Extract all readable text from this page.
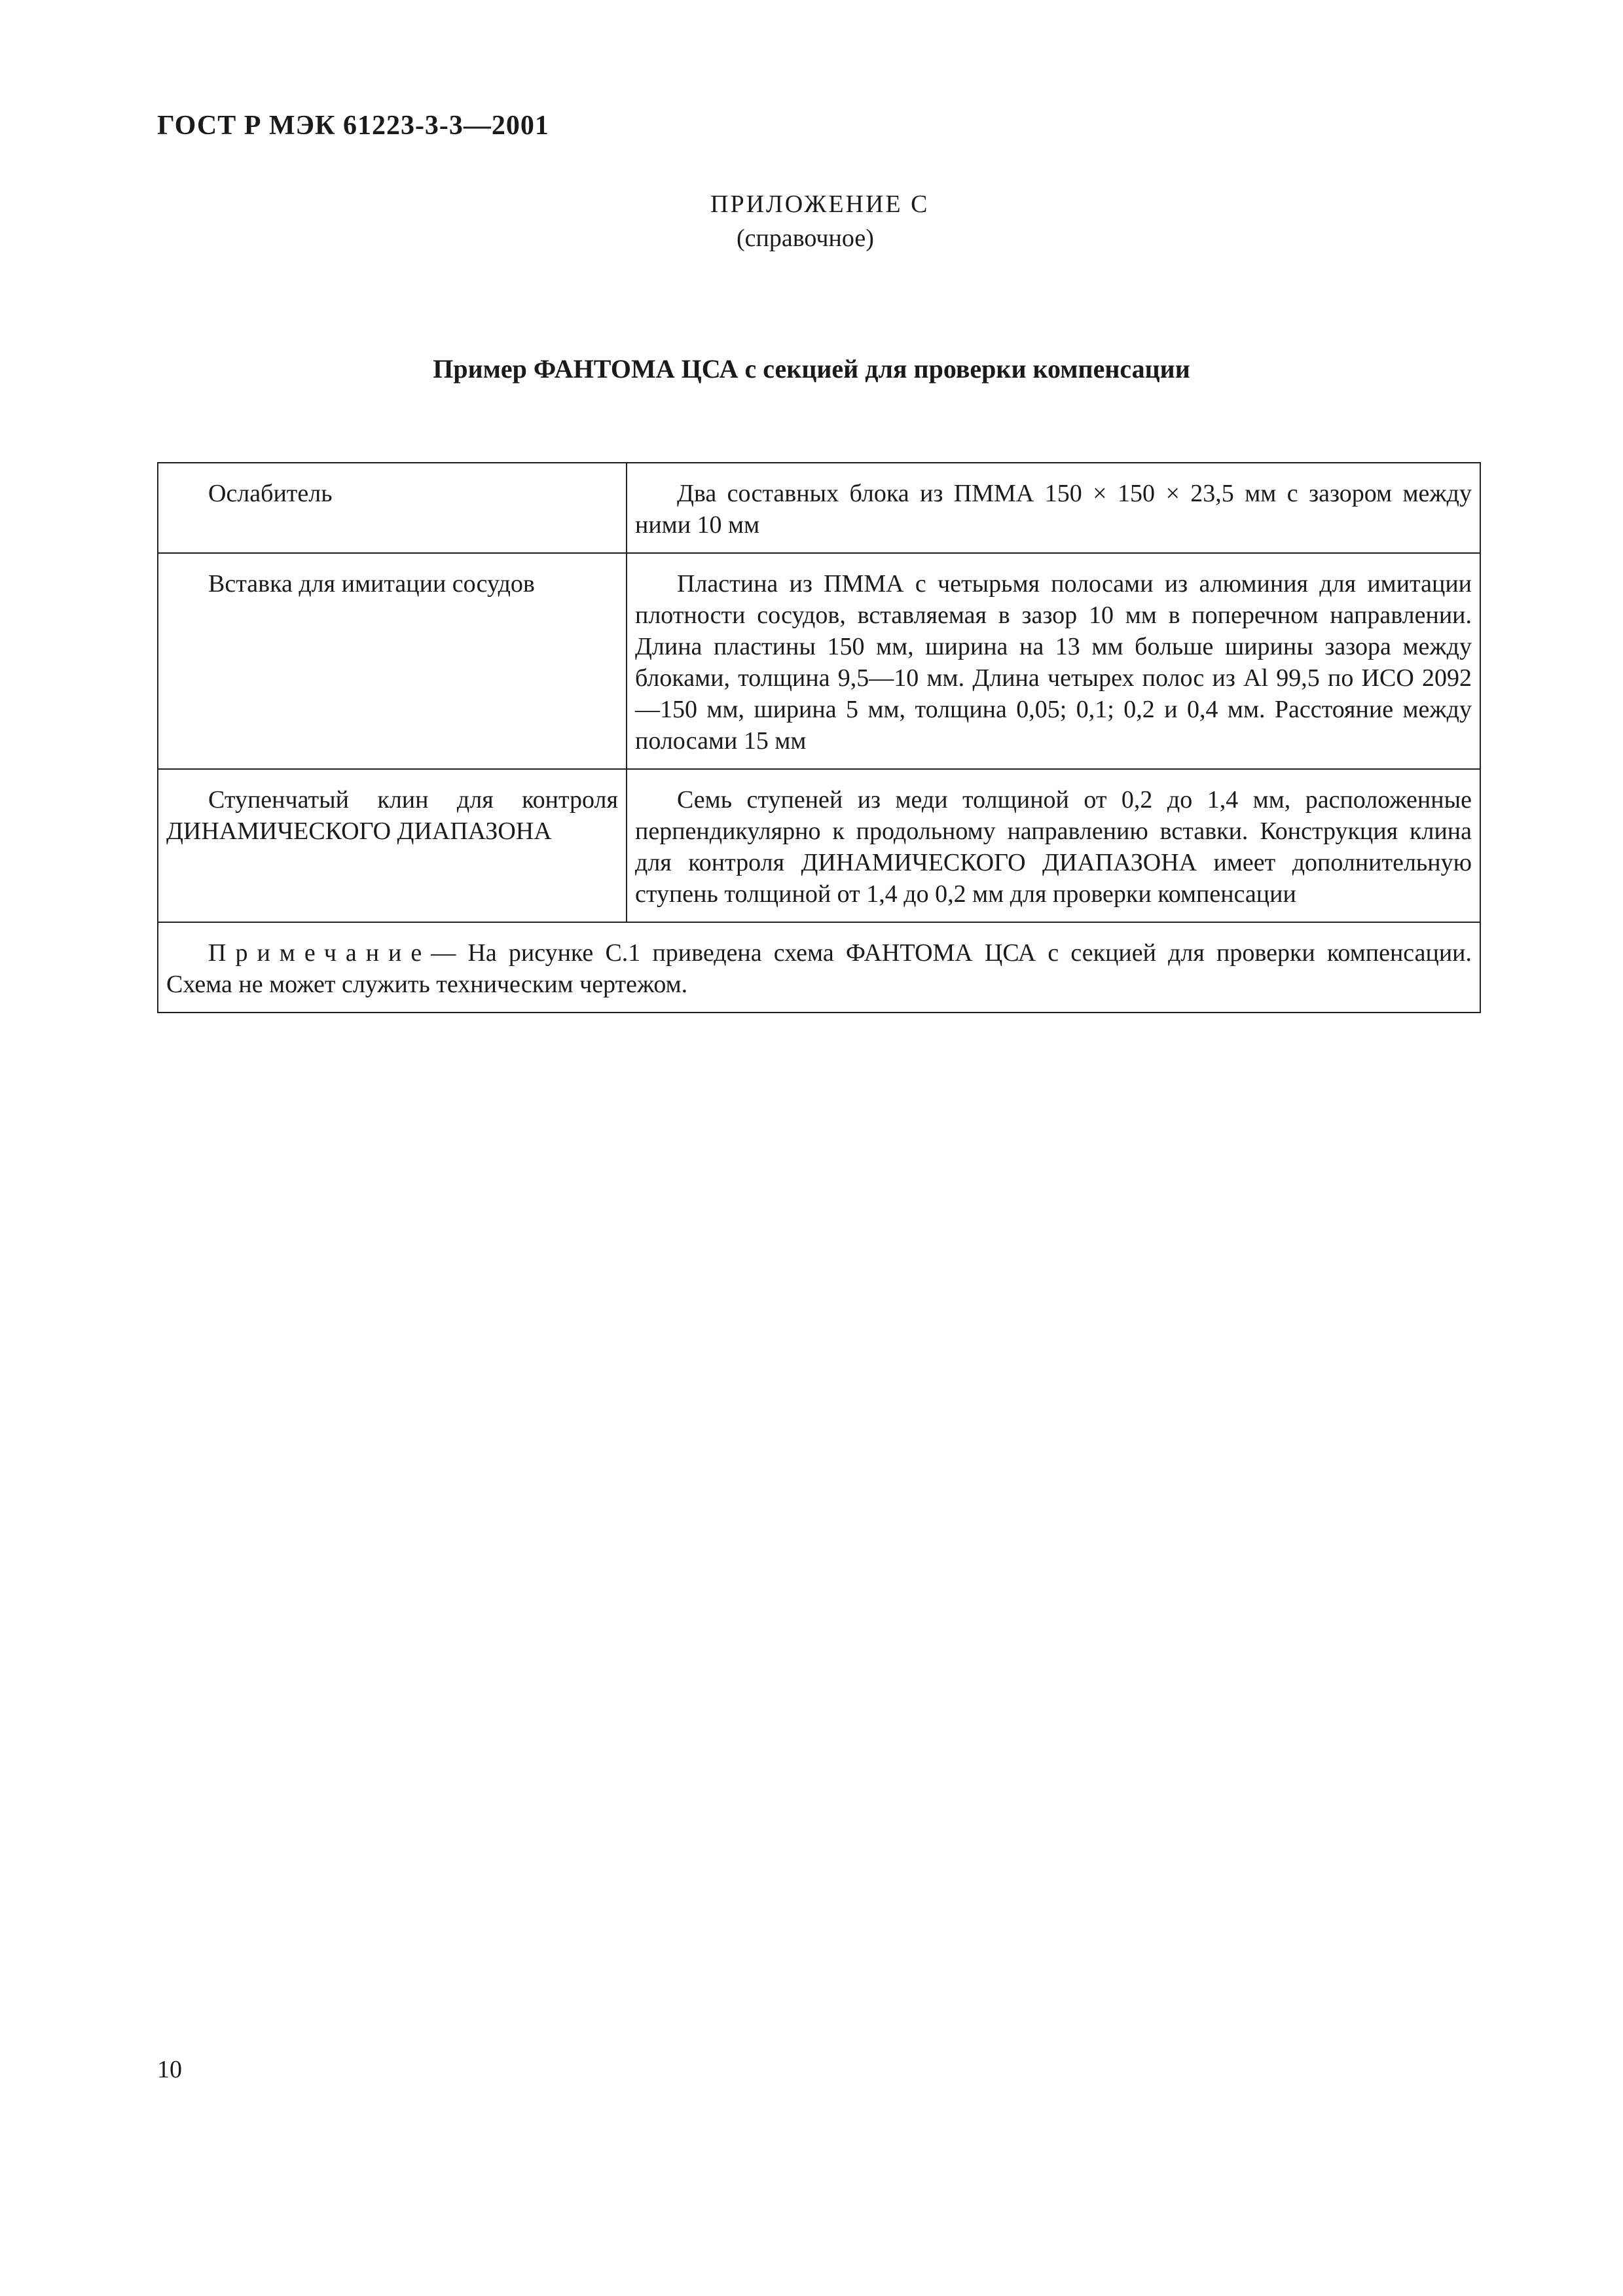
ГОСТ Р МЭК 61223-3-3—2001
ПРИЛОЖЕНИЕ С
(справочное)
Пример ФАНТОМА ЦСА с секцией для проверки компенсации
Ослабитель	Два составных блока из ПММА 150 × 150 × 23,5 мм с зазором между ними 10 мм
Вставка для имитации сосудов	Пластина из ПММА с четырьмя полосами из алюминия для имитации плотности сосудов, вставляемая в зазор 10 мм в поперечном направлении. Длина пластины 150 мм, ширина на 13 мм больше ширины зазора между блоками, толщина 9,5—10 мм. Длина четырех полос из Al 99,5 по ИСО 2092—150 мм, ширина 5 мм, толщина 0,05; 0,1; 0,2 и 0,4 мм. Расстояние между полосами 15 мм
Ступенчатый клин для контроля ДИНАМИЧЕСКОГО ДИАПАЗОНА	Семь ступеней из меди толщиной от 0,2 до 1,4 мм, расположенные перпендикулярно к продольному направлению вставки. Конструкция клина для контроля ДИНАМИЧЕСКОГО ДИАПАЗОНА имеет дополнительную ступень толщиной от 1,4 до 0,2 мм для проверки компенсации
Примечание— На рисунке С.1 приведена схема ФАНТОМА ЦСА с секцией для проверки компенсации. Схема не может служить техническим чертежом.	
10
